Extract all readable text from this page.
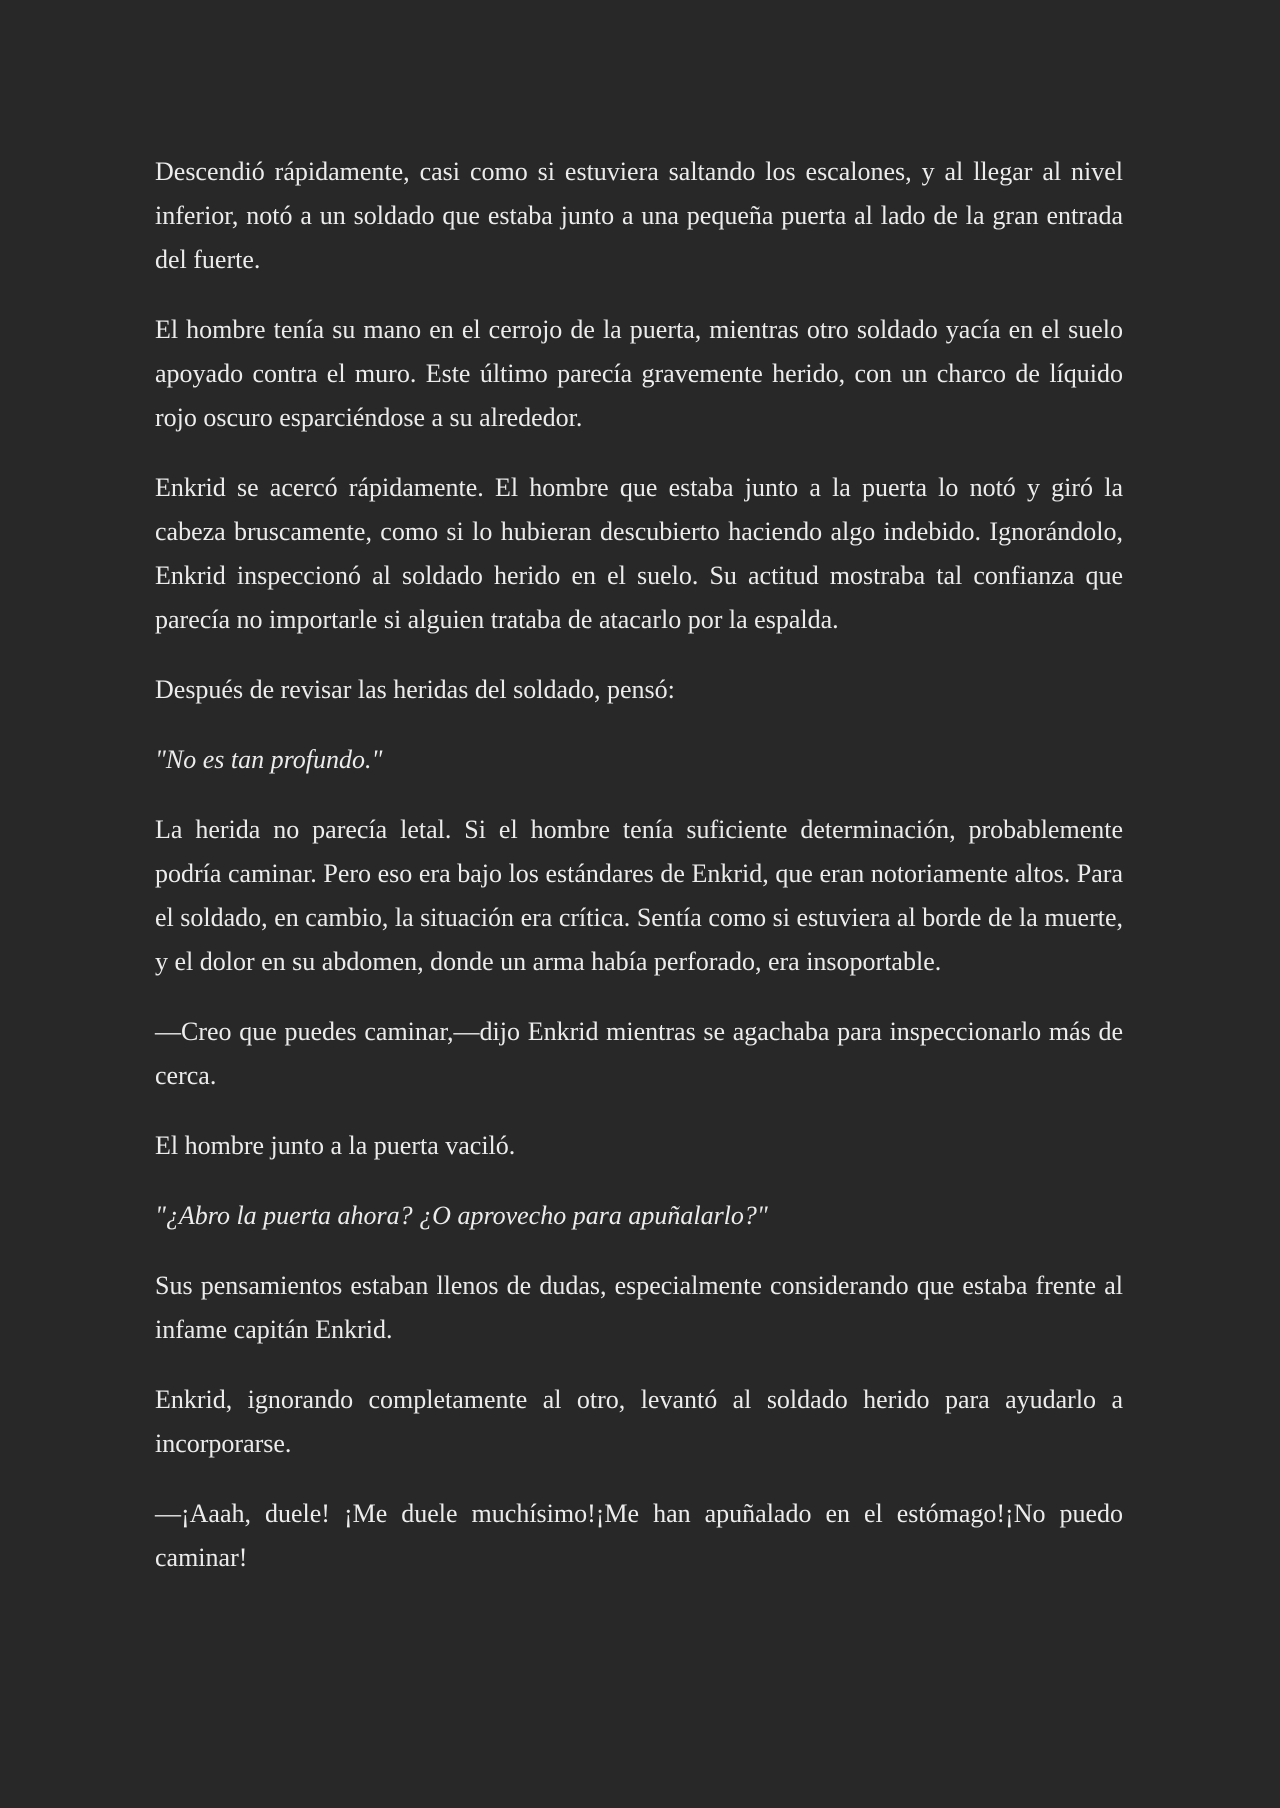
Descendió rápidamente, casi como si estuviera saltando los escalones, y al llegar al nivel inferior, notó a un soldado que estaba junto a una pequeña puerta al lado de la gran entrada del fuerte.

El hombre tenía su mano en el cerrojo de la puerta, mientras otro soldado yacía en el suelo apoyado contra el muro. Este último parecía gravemente herido, con un charco de líquido rojo oscuro esparciéndose a su alrededor.

Enkrid se acercó rápidamente. El hombre que estaba junto a la puerta lo notó y giró la cabeza bruscamente, como si lo hubieran descubierto haciendo algo indebido. Ignorándolo, Enkrid inspeccionó al soldado herido en el suelo. Su actitud mostraba tal confianza que parecía no importarle si alguien trataba de atacarlo por la espalda.

Después de revisar las heridas del soldado, pensó:

"No es tan profundo."

La herida no parecía letal. Si el hombre tenía suficiente determinación, probablemente podría caminar. Pero eso era bajo los estándares de Enkrid, que eran notoriamente altos. Para el soldado, en cambio, la situación era crítica. Sentía como si estuviera al borde de la muerte, y el dolor en su abdomen, donde un arma había perforado, era insoportable.

—Creo que puedes caminar,—dijo Enkrid mientras se agachaba para inspeccionarlo más de cerca.

El hombre junto a la puerta vaciló.

"¿Abro la puerta ahora? ¿O aprovecho para apuñalarlo?"

Sus pensamientos estaban llenos de dudas, especialmente considerando que estaba frente al infame capitán Enkrid.

Enkrid, ignorando completamente al otro, levantó al soldado herido para ayudarlo a incorporarse.

—¡Aaah, duele! ¡Me duele muchísimo!¡Me han apuñalado en el estómago!¡No puedo caminar!
